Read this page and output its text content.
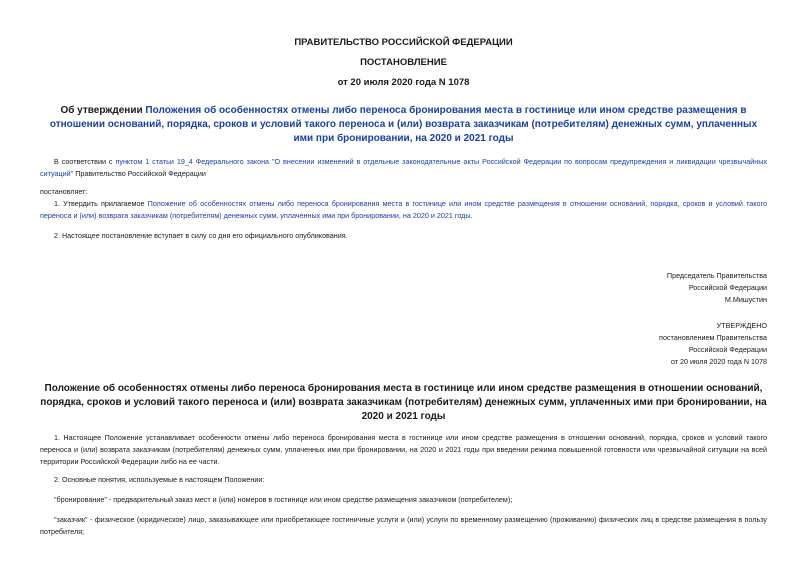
ПРАВИТЕЛЬСТВО РОССИЙСКОЙ ФЕДЕРАЦИИ
ПОСТАНОВЛЕНИЕ
от 20 июля 2020 года N 1078
Об утверждении Положения об особенностях отмены либо переноса бронирования места в гостинице или ином средстве размещения в отношении оснований, порядка, сроков и условий такого переноса и (или) возврата заказчикам (потребителям) денежных сумм, уплаченных ими при бронировании, на 2020 и 2021 годы
В соответствии с пунктом 1 статьи 19_4 Федерального закона "О внесении изменений в отдельные законодательные акты Российской Федерации по вопросам предупреждения и ликвидации чрезвычайных ситуаций" Правительство Российской Федерации
постановляет:
1. Утвердить прилагаемое Положение об особенностях отмены либо переноса бронирования места в гостинице или ином средстве размещения в отношении оснований, порядка, сроков и условий такого переноса и (или) возврата заказчикам (потребителям) денежных сумм, уплаченных ими при бронировании, на 2020 и 2021 годы.
2. Настоящее постановление вступает в силу со дня его официального опубликования.
Председатель Правительства
Российской Федерации
М.Мишустин
УТВЕРЖДЕНО
постановлением Правительства
Российской Федерации
от 20 июля 2020 года N 1078
Положение об особенностях отмены либо переноса бронирования места в гостинице или ином средстве размещения в отношении оснований, порядка, сроков и условий такого переноса и (или) возврата заказчикам (потребителям) денежных сумм, уплаченных ими при бронировании, на 2020 и 2021 годы
1. Настоящее Положение устанавливает особенности отмены либо переноса бронирования места в гостинице или ином средстве размещения в отношении оснований, порядка, сроков и условий такого переноса и (или) возврата заказчикам (потребителям) денежных сумм, уплаченных ими при бронировании, на 2020 и 2021 годы при введении режима повышенной готовности или чрезвычайной ситуации на всей территории Российской Федерации либо на ее части.
2. Основные понятия, используемые в настоящем Положении:
"бронирование" - предварительный заказ мест и (или) номеров в гостинице или ином средстве размещения заказчиком (потребителем);
"заказчик" - физическое (юридическое) лицо, заказывающее или приобретающее гостиничные услуги и (или) услуги по временному размещению (проживанию) физических лиц в средстве размещения в пользу потребителя;
